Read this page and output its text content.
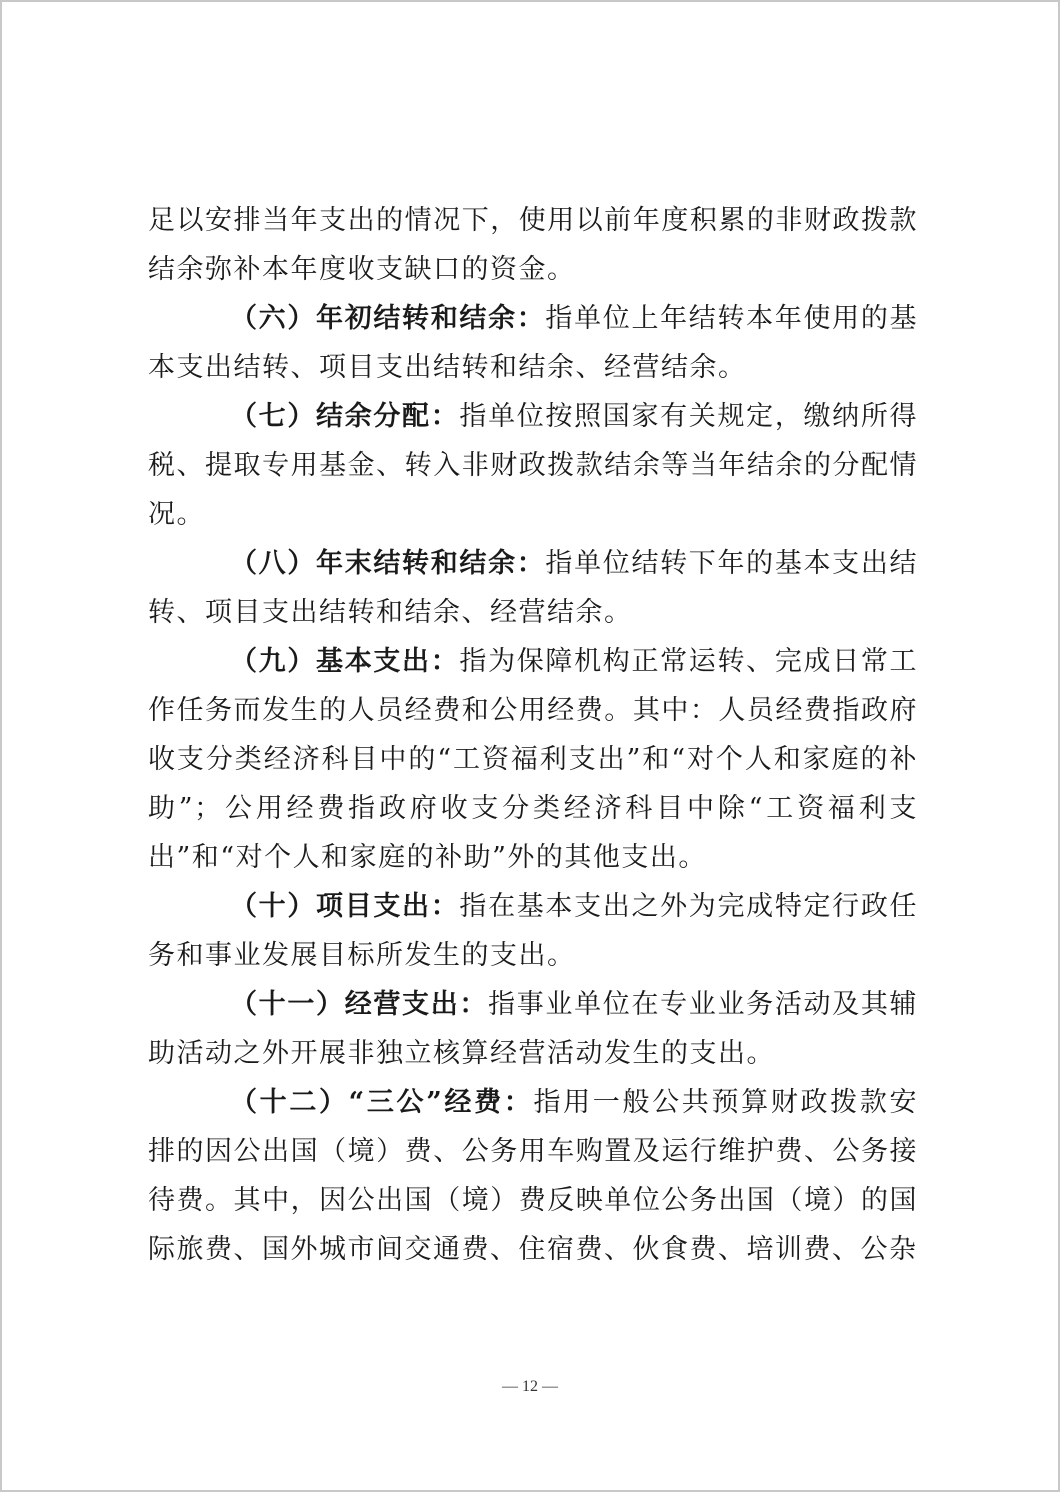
足以安排当年支出的情况下，使用以前年度积累的非财政拨款结余弥补本年度收支缺口的资金。

（六）年初结转和结余：指单位上年结转本年使用的基本支出结转、项目支出结转和结余、经营结余。

（七）结余分配：指单位按照国家有关规定，缴纳所得税、提取专用基金、转入非财政拨款结余等当年结余的分配情况。

（八）年末结转和结余：指单位结转下年的基本支出结转、项目支出结转和结余、经营结余。

（九）基本支出：指为保障机构正常运转、完成日常工作任务而发生的人员经费和公用经费。其中：人员经费指政府收支分类经济科目中的“工资福利支出”和“对个人和家庭的补助”；公用经费指政府收支分类经济科目中除“工资福利支出”和“对个人和家庭的补助”外的其他支出。

（十）项目支出：指在基本支出之外为完成特定行政任务和事业发展目标所发生的支出。

（十一）经营支出：指事业单位在专业业务活动及其辅助活动之外开展非独立核算经营活动发生的支出。

（十二）“三公”经费：指用一般公共预算财政拨款安排的因公出国（境）费、公务用车购置及运行维护费、公务接待费。其中，因公出国（境）费反映单位公务出国（境）的国际旅费、国外城市间交通费、住宿费、伙食费、培训费、公杂

— 12 —
